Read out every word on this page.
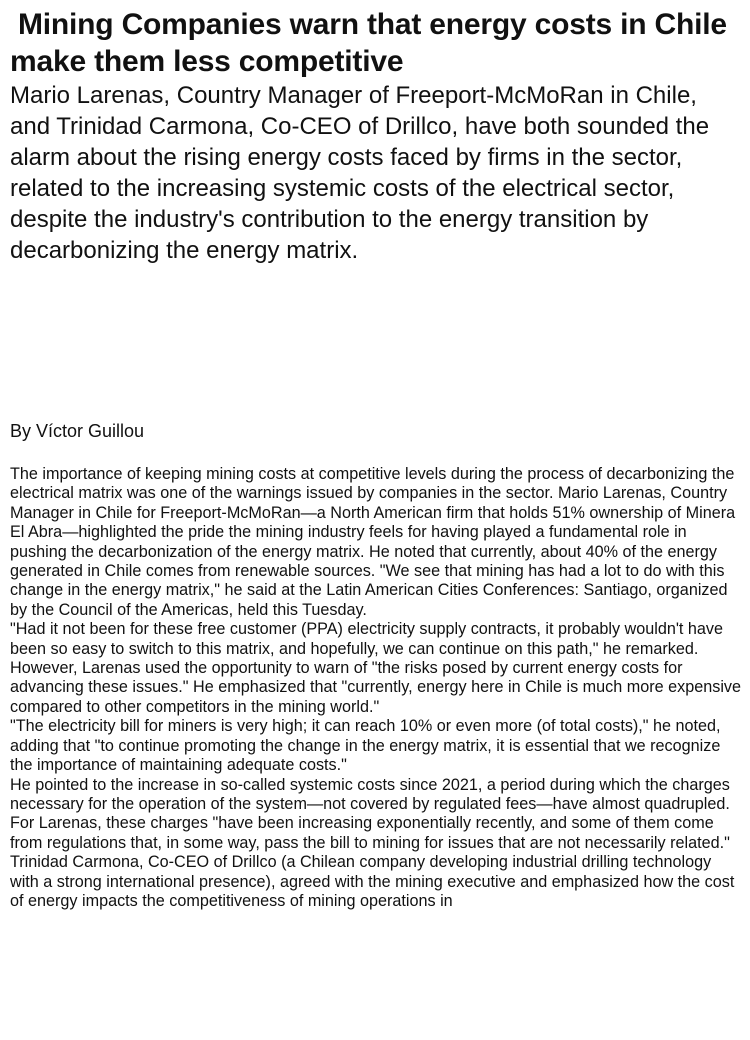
Mining Companies warn that energy costs in Chile make them less competitive

Mario Larenas, Country Manager of Freeport-McMoRan in Chile, and Trinidad Carmona, Co-CEO of Drillco, have both sounded the alarm about the rising energy costs faced by firms in the sector, related to the increasing systemic costs of the electrical sector, despite the industry's contribution to the energy transition by decarbonizing the energy matrix.

By Víctor Guillou

The importance of keeping mining costs at competitive levels during the process of decarbonizing the electrical matrix was one of the warnings issued by companies in the sector. Mario Larenas, Country Manager in Chile for Freeport-McMoRan—a North American firm that holds 51% ownership of Minera El Abra—highlighted the pride the mining industry feels for having played a fundamental role in pushing the decarbonization of the energy matrix. He noted that currently, about 40% of the energy generated in Chile comes from renewable sources. "We see that mining has had a lot to do with this change in the energy matrix," he said at the Latin American Cities Conferences: Santiago, organized by the Council of the Americas, held this Tuesday.

"Had it not been for these free customer (PPA) electricity supply contracts, it probably wouldn't have been so easy to switch to this matrix, and hopefully, we can continue on this path," he remarked.

However, Larenas used the opportunity to warn of "the risks posed by current energy costs for advancing these issues." He emphasized that "currently, energy here in Chile is much more expensive compared to other competitors in the mining world."

"The electricity bill for miners is very high; it can reach 10% or even more (of total costs)," he noted, adding that "to continue promoting the change in the energy matrix, it is essential that we recognize the importance of maintaining adequate costs."

He pointed to the increase in so-called systemic costs since 2021, a period during which the charges necessary for the operation of the system—not covered by regulated fees—have almost quadrupled. For Larenas, these charges "have been increasing exponentially recently, and some of them come from regulations that, in some way, pass the bill to mining for issues that are not necessarily related."

Trinidad Carmona, Co-CEO of Drillco (a Chilean company developing industrial drilling technology with a strong international presence), agreed with the mining executive and emphasized how the cost of energy impacts the competitiveness of mining operations in
